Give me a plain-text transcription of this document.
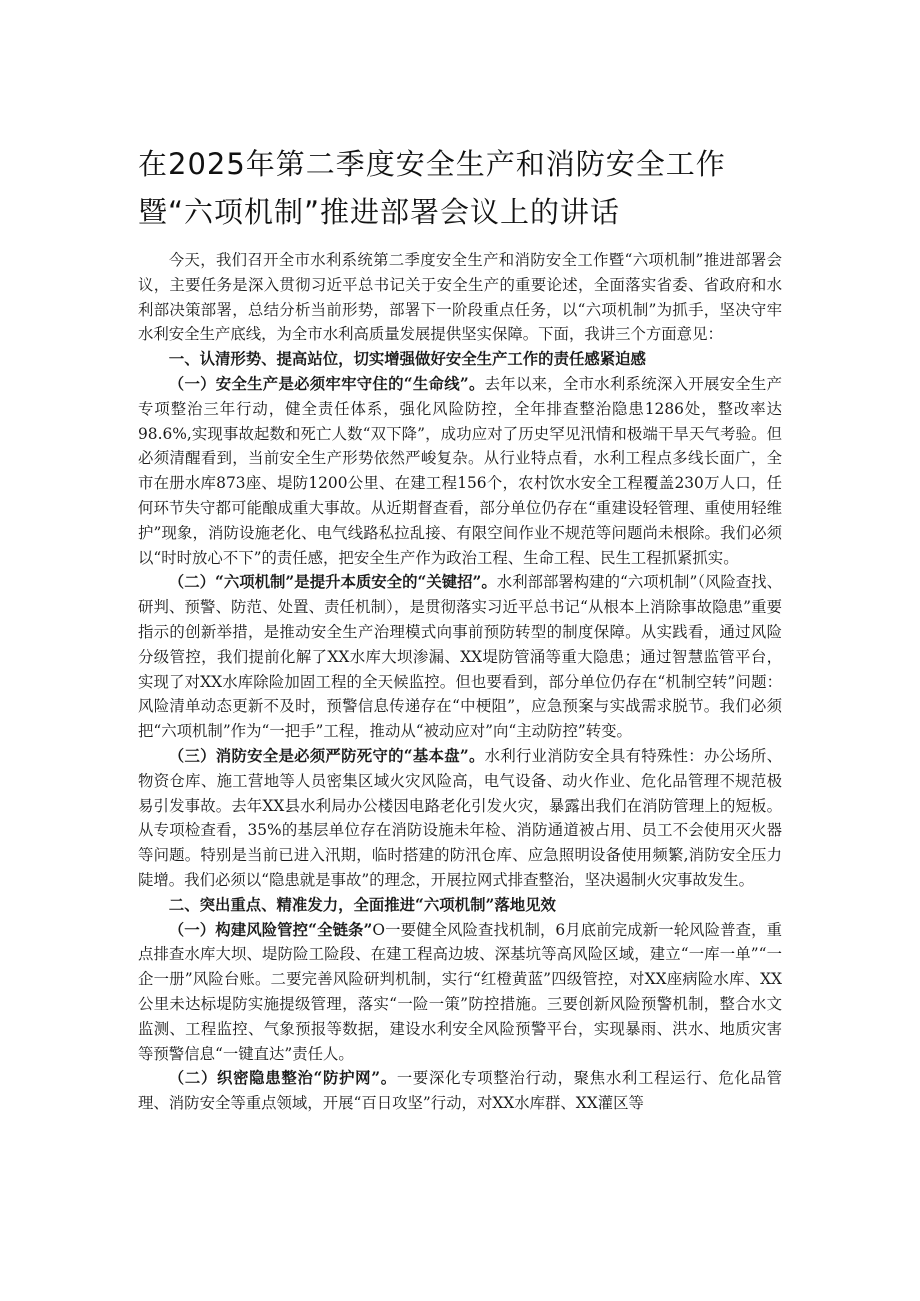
在2025年第二季度安全生产和消防安全工作暨“六项机制”推进部署会议上的讲话

今天，我们召开全市水利系统第二季度安全生产和消防安全工作暨“六项机制”推进部署会议，主要任务是深入贯彻习近平总书记关于安全生产的重要论述，全面落实省委、省政府和水利部决策部署，总结分析当前形势，部署下一阶段重点任务，以“六项机制”为抓手，坚决守牢水利安全生产底线，为全市水利高质量发展提供坚实保障。下面，我讲三个方面意见：

一、认清形势、提高站位，切实增强做好安全生产工作的责任感紧迫感

（一）安全生产是必须牢牢守住的“生命线”。去年以来，全市水利系统深入开展安全生产专项整治三年行动，健全责任体系，强化风险防控，全年排查整治隐患1286处，整改率达98.6%,实现事故起数和死亡人数“双下降”，成功应对了历史罕见汛情和极端干旱天气考验。但必须清醒看到，当前安全生产形势依然严峻复杂。从行业特点看，水利工程点多线长面广，全市在册水库873座、堤防1200公里、在建工程156个，农村饮水安全工程覆盖230万人口，任何环节失守都可能酿成重大事故。从近期督查看，部分单位仍存在“重建设轻管理、重使用轻维护”现象，消防设施老化、电气线路私拉乱接、有限空间作业不规范等问题尚未根除。我们必须以“时时放心不下”的责任感，把安全生产作为政治工程、生命工程、民生工程抓紧抓实。

（二）“六项机制”是提升本质安全的“关键招”。水利部部署构建的“六项机制”（风险查找、研判、预警、防范、处置、责任机制），是贯彻落实习近平总书记“从根本上消除事故隐患”重要指示的创新举措，是推动安全生产治理模式向事前预防转型的制度保障。从实践看，通过风险分级管控，我们提前化解了XX水库大坝渗漏、XX堤防管涌等重大隐患；通过智慧监管平台，实现了对XX水库除险加固工程的全天候监控。但也要看到，部分单位仍存在“机制空转”问题：风险清单动态更新不及时，预警信息传递存在“中梗阻”，应急预案与实战需求脱节。我们必须把“六项机制”作为“一把手”工程，推动从“被动应对”向“主动防控”转变。

（三）消防安全是必须严防死守的“基本盘”。水利行业消防安全具有特殊性：办公场所、物资仓库、施工营地等人员密集区域火灾风险高，电气设备、动火作业、危化品管理不规范极易引发事故。去年XX县水利局办公楼因电路老化引发火灾，暴露出我们在消防管理上的短板。从专项检查看，35%的基层单位存在消防设施未年检、消防通道被占用、员工不会使用灭火器等问题。特别是当前已进入汛期，临时搭建的防汛仓库、应急照明设备使用频繁,消防安全压力陡增。我们必须以“隐患就是事故”的理念，开展拉网式排查整治，坚决遏制火灾事故发生。

二、突出重点、精准发力，全面推进“六项机制”落地见效

（一）构建风险管控“全链条”O一要健全风险查找机制，6月底前完成新一轮风险普查，重点排查水库大坝、堤防险工险段、在建工程高边坡、深基坑等高风险区域，建立“一库一单”“一企一册”风险台账。二要完善风险研判机制，实行“红橙黄蓝”四级管控，对XX座病险水库、XX公里未达标堤防实施提级管理，落实“一险一策”防控措施。三要创新风险预警机制，整合水文监测、工程监控、气象预报等数据，建设水利安全风险预警平台，实现暴雨、洪水、地质灾害等预警信息“一键直达”责任人。

（二）织密隐患整治“防护网”。一要深化专项整治行动，聚焦水利工程运行、危化品管理、消防安全等重点领域，开展“百日攻坚”行动，对XX水库群、XX灌区等
